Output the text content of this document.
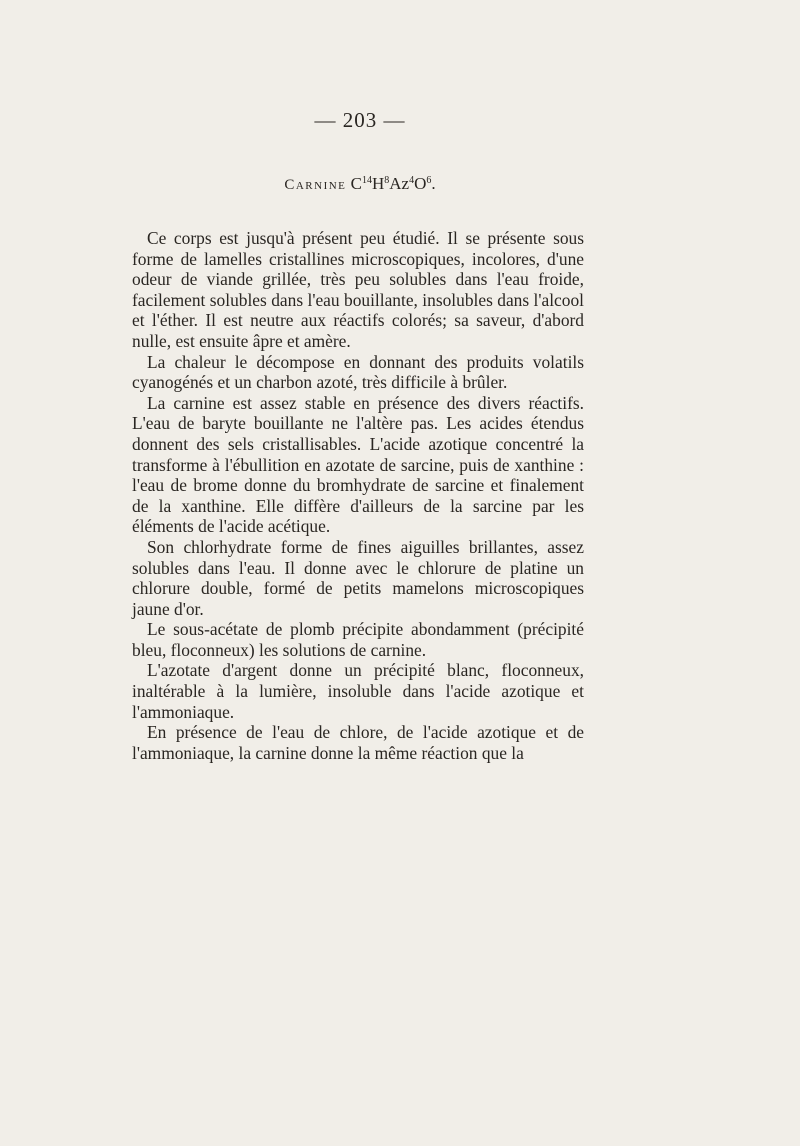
— 203 —
Carnine $C^{14}H^8Az^4O^6$.

Ce corps est jusqu'à présent peu étudié. Il se présente sous forme de lamelles cristallines microscopiques, incolores, d'une odeur de viande grillée, très peu solubles dans l'eau froide, facilement solubles dans l'eau bouillante, insolubles dans l'alcool et l'éther. Il est neutre aux réactifs colorés; sa saveur, d'abord nulle, est ensuite âpre et amère.

La chaleur le décompose en donnant des produits volatils cyanogénés et un charbon azoté, très difficile à brûler.

La carnine est assez stable en présence des divers réactifs. L'eau de baryte bouillante ne l'altère pas. Les acides étendus donnent des sels cristallisables. L'acide azotique concentré la transforme à l'ébullition en azotate de sarcine, puis de xanthine : l'eau de brome donne du bromhydrate de sarcine et finalement de la xanthine. Elle diffère d'ailleurs de la sarcine par les éléments de l'acide acétique.

Son chlorhydrate forme de fines aiguilles brillantes, assez solubles dans l'eau. Il donne avec le chlorure de platine un chlorure double, formé de petits mamelons microscopiques jaune d'or.

Le sous-acétate de plomb précipite abondamment (précipité bleu, floconneux) les solutions de carnine.

L'azotate d'argent donne un précipité blanc, floconneux, inaltérable à la lumière, insoluble dans l'acide azotique et l'ammoniaque.

En présence de l'eau de chlore, de l'acide azotique et de l'ammoniaque, la carnine donne la même réaction que la
